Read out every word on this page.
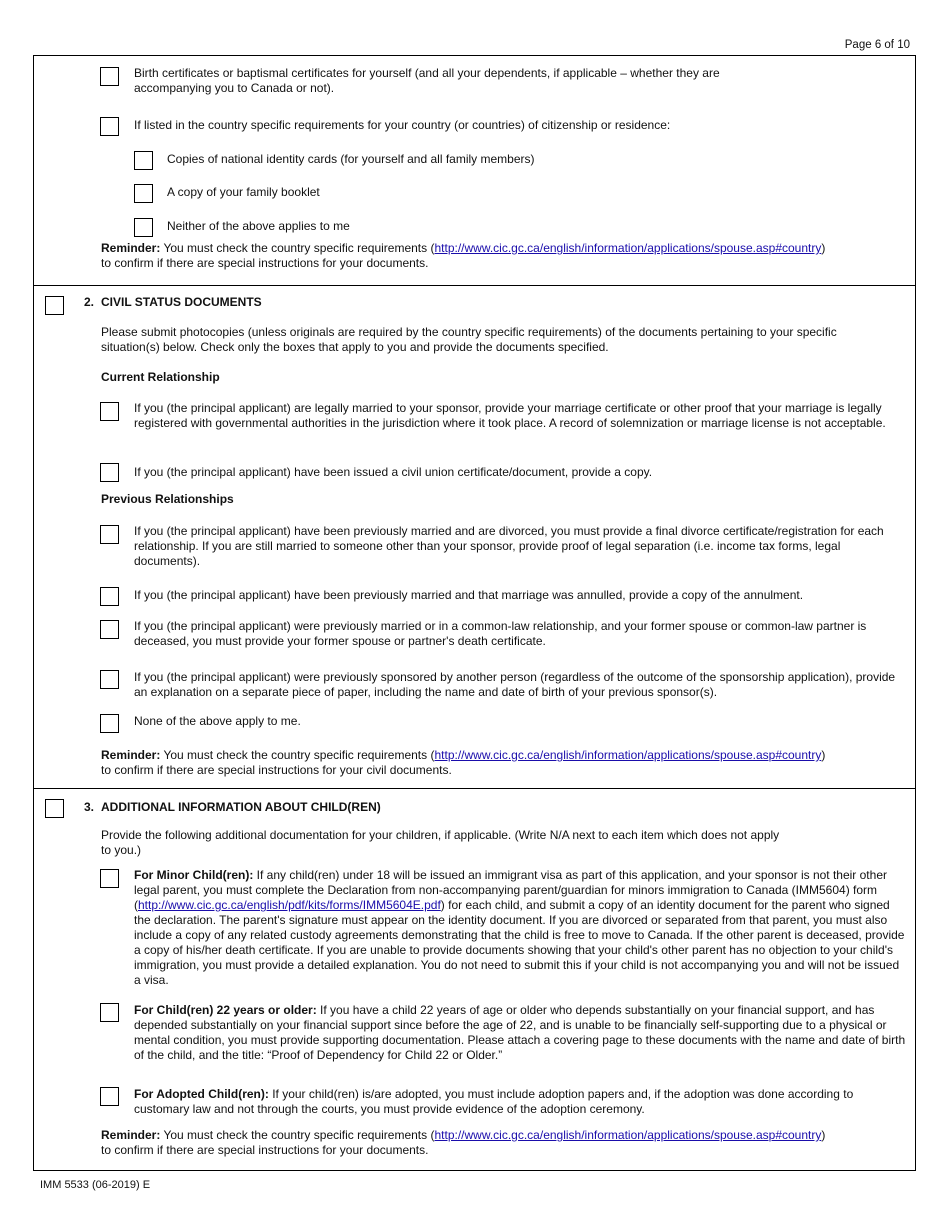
Page 6 of 10
Birth certificates or baptismal certificates for yourself (and all your dependents, if applicable – whether they are accompanying you to Canada or not).
If listed in the country specific requirements for your country (or countries) of citizenship or residence:
Copies of national identity cards (for yourself and all family members)
A copy of your family booklet
Neither of the above applies to me
Reminder: You must check the country specific requirements (http://www.cic.gc.ca/english/information/applications/spouse.asp#country)
to confirm if there are special instructions for your documents.
2. CIVIL STATUS DOCUMENTS
Please submit photocopies (unless originals are required by the country specific requirements) of the documents pertaining to your specific situation(s) below. Check only the boxes that apply to you and provide the documents specified.
Current Relationship
If you (the principal applicant) are legally married to your sponsor, provide your marriage certificate or other proof that your marriage is legally registered with governmental authorities in the jurisdiction where it took place. A record of solemnization or marriage license is not acceptable.
If you (the principal applicant) have been issued a civil union certificate/document, provide a copy.
Previous Relationships
If you (the principal applicant) have been previously married and are divorced, you must provide a final divorce certificate/registration for each relationship. If you are still married to someone other than your sponsor, provide proof of legal separation (i.e. income tax forms, legal documents).
If you (the principal applicant) have been previously married and that marriage was annulled, provide a copy of the annulment.
If you (the principal applicant) were previously married or in a common-law relationship, and your former spouse or common-law partner is deceased, you must provide your former spouse or partner's death certificate.
If you (the principal applicant) were previously sponsored by another person (regardless of the outcome of the sponsorship application), provide an explanation on a separate piece of paper, including the name and date of birth of your previous sponsor(s).
None of the above apply to me.
Reminder: You must check the country specific requirements (http://www.cic.gc.ca/english/information/applications/spouse.asp#country)
to confirm if there are special instructions for your civil documents.
3. ADDITIONAL INFORMATION ABOUT CHILD(REN)
Provide the following additional documentation for your children, if applicable. (Write N/A next to each item which does not apply to you.)
For Minor Child(ren): If any child(ren) under 18 will be issued an immigrant visa as part of this application, and your sponsor is not their other legal parent, you must complete the Declaration from non-accompanying parent/guardian for minors immigration to Canada (IMM5604) form (http://www.cic.gc.ca/english/pdf/kits/forms/IMM5604E.pdf) for each child, and submit a copy of an identity document for the parent who signed the declaration. The parent's signature must appear on the identity document. If you are divorced or separated from that parent, you must also include a copy of any related custody agreements demonstrating that the child is free to move to Canada. If the other parent is deceased, provide a copy of his/her death certificate. If you are unable to provide documents showing that your child's other parent has no objection to your child's immigration, you must provide a detailed explanation. You do not need to submit this if your child is not accompanying you and will not be issued a visa.
For Child(ren) 22 years or older: If you have a child 22 years of age or older who depends substantially on your financial support, and has depended substantially on your financial support since before the age of 22, and is unable to be financially self-supporting due to a physical or mental condition, you must provide supporting documentation. Please attach a covering page to these documents with the name and date of birth of the child, and the title: “Proof of Dependency for Child 22 or Older.”
For Adopted Child(ren): If your child(ren) is/are adopted, you must include adoption papers and, if the adoption was done according to customary law and not through the courts, you must provide evidence of the adoption ceremony.
Reminder: You must check the country specific requirements (http://www.cic.gc.ca/english/information/applications/spouse.asp#country)
to confirm if there are special instructions for your documents.
IMM 5533 (06-2019) E
